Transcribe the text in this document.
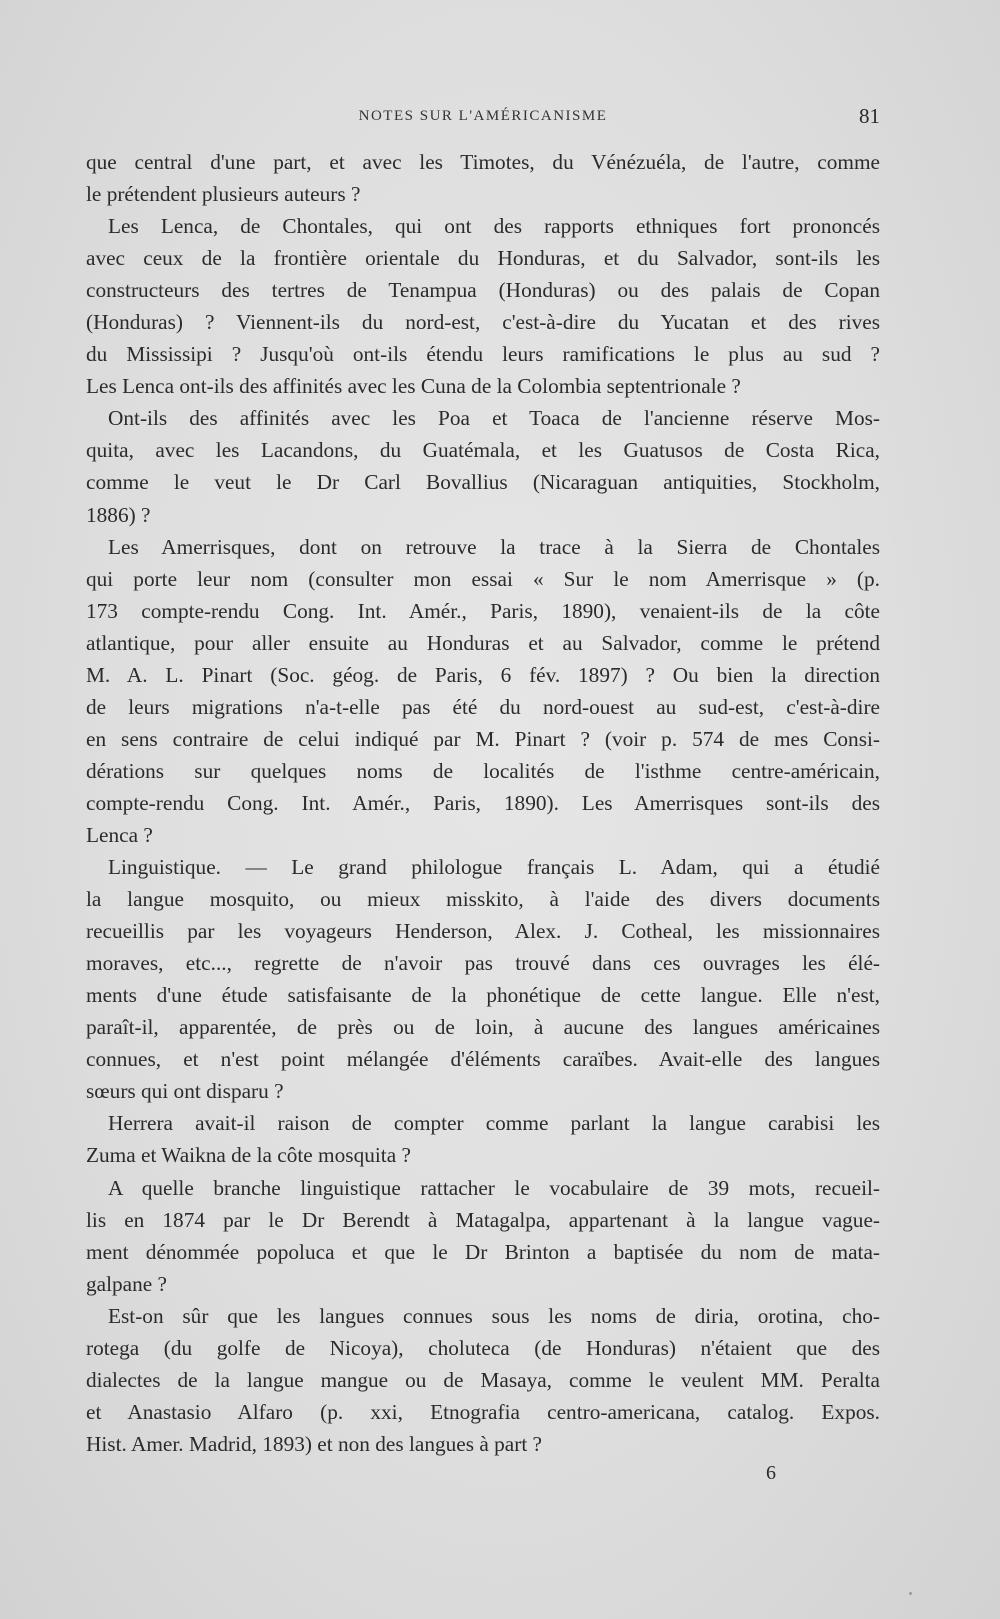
NOTES SUR L'AMÉRICANISME	81
que central d'une part, et avec les Timotes, du Vénézuéla, de l'autre, comme
le prétendent plusieurs auteurs ?
Les Lenca, de Chontales, qui ont des rapports ethniques fort prononcés
avec ceux de la frontière orientale du Honduras, et du Salvador, sont-ils les
constructeurs des tertres de Tenampua (Honduras) ou des palais de Copan
(Honduras) ? Viennent-ils du nord-est, c'est-à-dire du Yucatan et des rives
du Mississipi ? Jusqu'où ont-ils étendu leurs ramifications le plus au sud ?
Les Lenca ont-ils des affinités avec les Cuna de la Colombia septentrionale ?
Ont-ils des affinités avec les Poa et Toaca de l'ancienne réserve Mos-
quita, avec les Lacandons, du Guatémala, et les Guatusos de Costa Rica,
comme le veut le Dr Carl Bovallius (Nicaraguan antiquities, Stockholm,
1886) ?
Les Amerrisques, dont on retrouve la trace à la Sierra de Chontales
qui porte leur nom (consulter mon essai « Sur le nom Amerrisque » (p.
173 compte-rendu Cong. Int. Amér., Paris, 1890), venaient-ils de la côte
atlantique, pour aller ensuite au Honduras et au Salvador, comme le prétend
M. A. L. Pinart (Soc. géog. de Paris, 6 fév. 1897) ? Ou bien la direction
de leurs migrations n'a-t-elle pas été du nord-ouest au sud-est, c'est-à-dire
en sens contraire de celui indiqué par M. Pinart ? (voir p. 574 de mes Consi-
dérations sur quelques noms de localités de l'isthme centre-américain,
compte-rendu Cong. Int. Amér., Paris, 1890). Les Amerrisques sont-ils des
Lenca ?
Linguistique. — Le grand philologue français L. Adam, qui a étudié
la langue mosquito, ou mieux misskito, à l'aide des divers documents
recueillis par les voyageurs Henderson, Alex. J. Cotheal, les missionnaires
moraves, etc..., regrette de n'avoir pas trouvé dans ces ouvrages les élé-
ments d'une étude satisfaisante de la phonétique de cette langue. Elle n'est,
paraît-il, apparentée, de près ou de loin, à aucune des langues américaines
connues, et n'est point mélangée d'éléments caraïbes. Avait-elle des langues
sœurs qui ont disparu ?
Herrera avait-il raison de compter comme parlant la langue carabisi les
Zuma et Waikna de la côte mosquita ?
A quelle branche linguistique rattacher le vocabulaire de 39 mots, recueil-
lis en 1874 par le Dr Berendt à Matagalpa, appartenant à la langue vague-
ment dénommée popoluca et que le Dr Brinton a baptisée du nom de mata-
galpane ?
Est-on sûr que les langues connues sous les noms de diria, orotina, cho-
rotega (du golfe de Nicoya), choluteca (de Honduras) n'étaient que des
dialectes de la langue mangue ou de Masaya, comme le veulent MM. Peralta
et Anastasio Alfaro (p. xxi, Etnografia centro-americana, catalog. Expos.
Hist. Amer. Madrid, 1893) et non des langues à part ?
6
